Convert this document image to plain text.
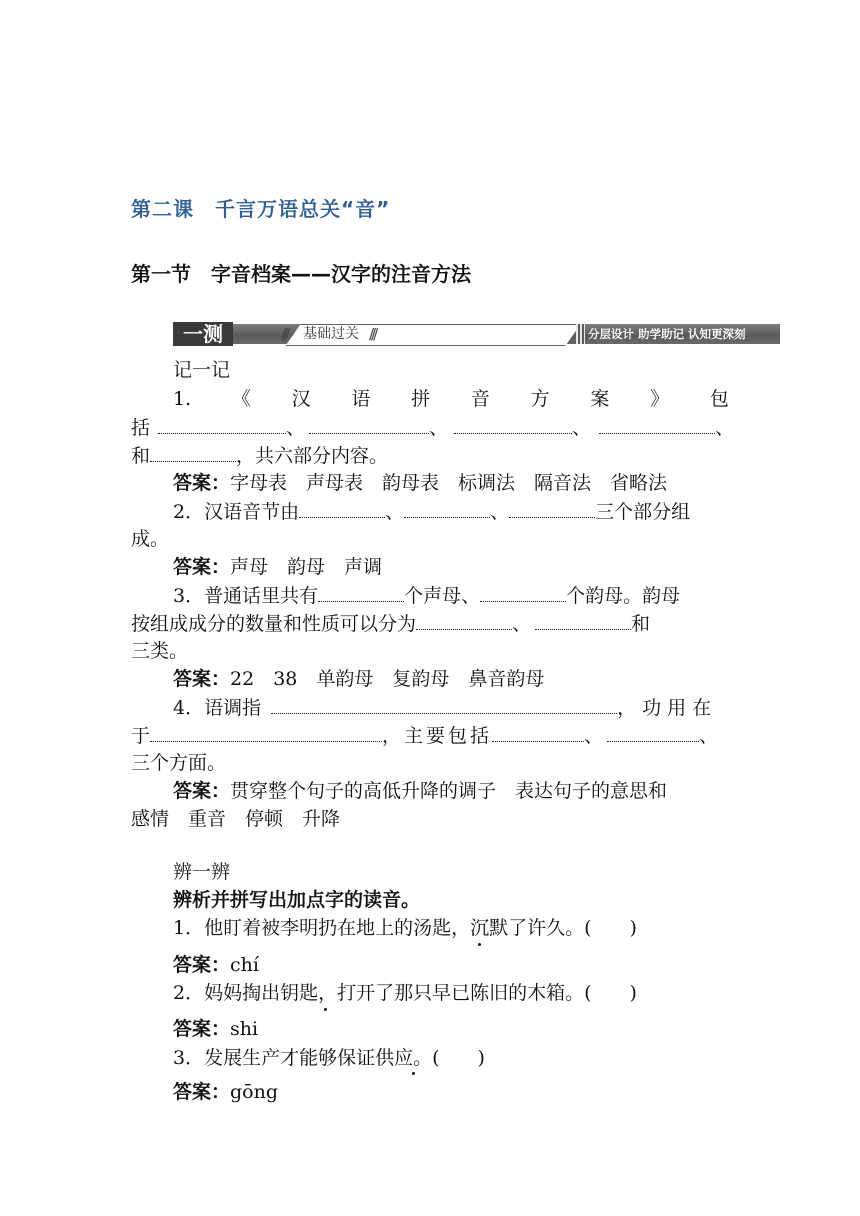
第二课　千言万语总关“音”
第一节　字音档案——汉字的注音方法
一测	/// 基础过关 ///	分层设计 助学助记 认知更深刻
记一记
1. 《 汉 语 拼 音 方 案 》 包
括	、	、	、	、
和	，共六部分内容。
答案：字母表　声母表　韵母表　标调法　隔音法　省略法
2．汉语音节由	、	、	三个部分组
成。
答案：声母　韵母　声调
3．普通话里共有	个声母、	个韵母。韵母
按组成成分的数量和性质可以分为	、	和
三类。
答案：22　38　单韵母　复韵母　鼻音韵母
4．语调指	，功用在
于	，主要包括	、	、
三个方面。
答案：贯穿整个句子的高低升降的调子　表达句子的意思和
感情　重音　停顿　升降
辨一辨
辨析并拼写出加点字的读音。
1．他盯着被李明扔在地上的汤匙，沉默了许久。(　　)
答案：chí
2．妈妈掏出钥匙，打开了那只早已陈旧的木箱。(　　)
答案：shi
3．发展生产才能够保证供应。(　　)
答案：gōng
